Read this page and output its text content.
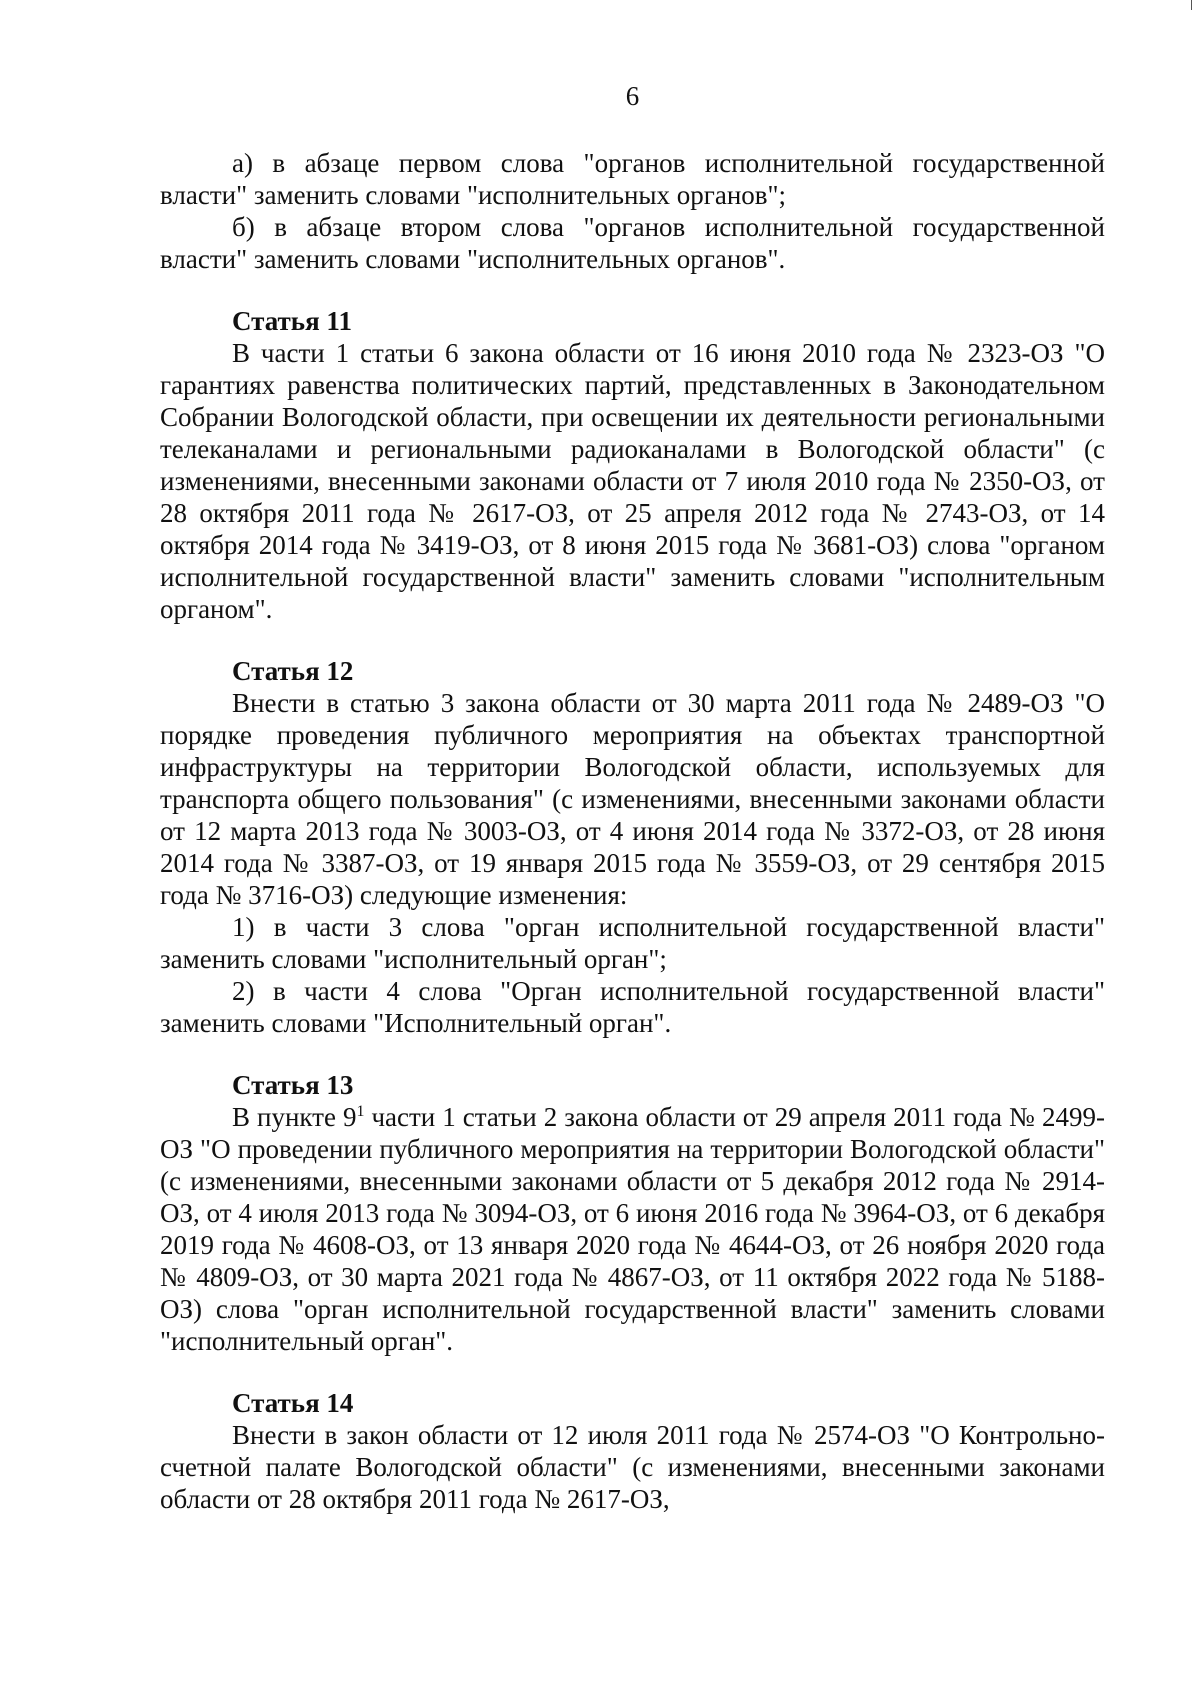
6

а) в абзаце первом слова "органов исполнительной государственной власти" заменить словами "исполнительных органов";

б) в абзаце втором слова "органов исполнительной государственной власти" заменить словами "исполнительных органов".

Статья 11

В части 1 статьи 6 закона области от 16 июня 2010 года № 2323-ОЗ "О гарантиях равенства политических партий, представленных в Законодательном Собрании Вологодской области, при освещении их деятельности региональными телеканалами и региональными радиоканалами в Вологодской области" (с изменениями, внесенными законами области от 7 июля 2010 года № 2350-ОЗ, от 28 октября 2011 года № 2617-ОЗ, от 25 апреля 2012 года № 2743-ОЗ, от 14 октября 2014 года № 3419-ОЗ, от 8 июня 2015 года № 3681-ОЗ) слова "органом исполнительной государственной власти" заменить словами "исполнительным органом".

Статья 12

Внести в статью 3 закона области от 30 марта 2011 года № 2489-ОЗ "О порядке проведения публичного мероприятия на объектах транспортной инфраструктуры на территории Вологодской области, используемых для транспорта общего пользования" (с изменениями, внесенными законами области от 12 марта 2013 года № 3003-ОЗ, от 4 июня 2014 года № 3372-ОЗ, от 28 июня 2014 года № 3387-ОЗ, от 19 января 2015 года № 3559-ОЗ, от 29 сентября 2015 года № 3716-ОЗ) следующие изменения:

1) в части 3 слова "орган исполнительной государственной власти" заменить словами "исполнительный орган";

2) в части 4 слова "Орган исполнительной государственной власти" заменить словами "Исполнительный орган".

Статья 13

В пункте $9^1$ части 1 статьи 2 закона области от 29 апреля 2011 года № 2499-ОЗ "О проведении публичного мероприятия на территории Вологодской области" (с изменениями, внесенными законами области от 5 декабря 2012 года № 2914-ОЗ, от 4 июля 2013 года № 3094-ОЗ, от 6 июня 2016 года № 3964-ОЗ, от 6 декабря 2019 года № 4608-ОЗ, от 13 января 2020 года № 4644-ОЗ, от 26 ноября 2020 года № 4809-ОЗ, от 30 марта 2021 года № 4867-ОЗ, от 11 октября 2022 года № 5188-ОЗ) слова "орган исполнительной государственной власти" заменить словами "исполнительный орган".

Статья 14

Внести в закон области от 12 июля 2011 года № 2574-ОЗ "О Контрольно-счетной палате Вологодской области" (с изменениями, внесенными законами области от 28 октября 2011 года № 2617-ОЗ,
